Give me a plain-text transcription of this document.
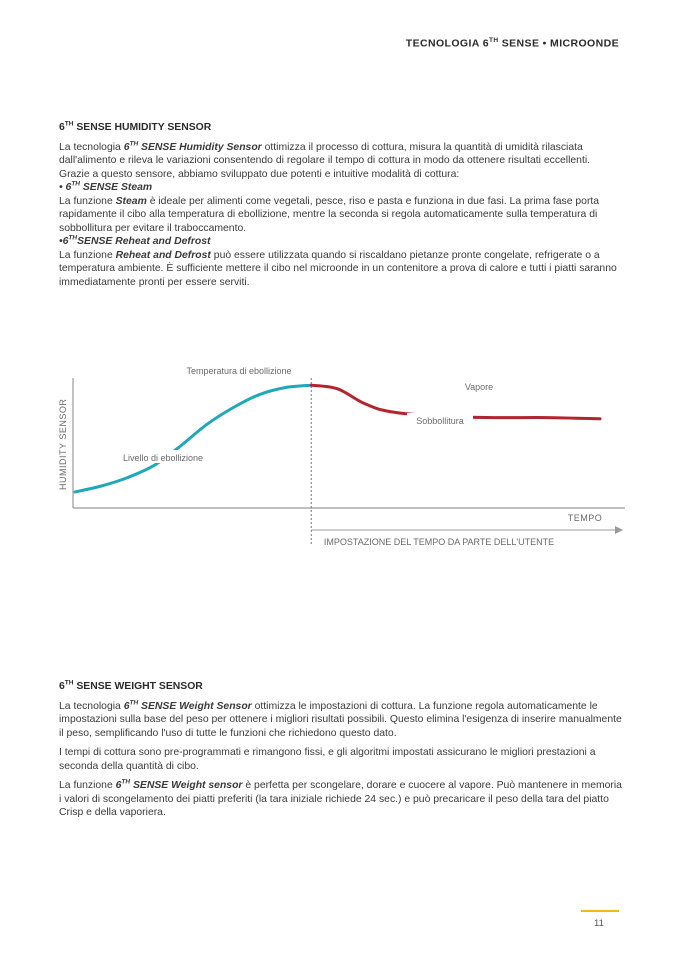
TECNOLOGIA 6TH SENSE • MICROONDE
6TH SENSE HUMIDITY SENSOR

La tecnologia 6TH SENSE Humidity Sensor ottimizza il processo di cottura, misura la quantità di umidità rilasciata dall'alimento e rileva le variazioni consentendo di regolare il tempo di cottura in modo da ottenere risultati eccellenti.

Grazie a questo sensore, abbiamo sviluppato due potenti e intuitive modalità di cottura:

• 6TH SENSE Steam

La funzione Steam è ideale per alimenti come vegetali, pesce, riso e pasta e funziona in due fasi. La prima fase porta rapidamente il cibo alla temperatura di ebollizione, mentre la seconda si regola automaticamente sulla temperatura di sobbollitura per evitare il traboccamento.

•6THSENSE Reheat and Defrost

La funzione Reheat and Defrost può essere utilizzata quando si riscaldano pietanze pronte congelate, refrigerate o a temperatura ambiente. È sufficiente mettere il cibo nel microonde in un contenitore a prova di calore e tutti i piatti saranno immediatamente pronti per essere serviti.

HUMIDITY SENSOR
TEMPO
Temperatura di ebollizione
Vapore
Sobbollitura
Livello di ebollizione
IMPOSTAZIONE DEL TEMPO DA PARTE DELL'UTENTE
6TH SENSE WEIGHT SENSOR

La tecnologia 6TH SENSE Weight Sensor ottimizza le impostazioni di cottura. La funzione regola automaticamente le impostazioni sulla base del peso per ottenere i migliori risultati possibili. Questo elimina l'esigenza di inserire manualmente il peso, semplificando l'uso di tutte le funzioni che richiedono questo dato.

I tempi di cottura sono pre-programmati e rimangono fissi, e gli algoritmi impostati assicurano le migliori prestazioni a seconda della quantità di cibo.

La funzione 6TH SENSE Weight sensor è perfetta per scongelare, dorare e cuocere al vapore. Può mantenere in memoria i valori di scongelamento dei piatti preferiti (la tara iniziale richiede 24 sec.) e può precaricare il peso della tara del piatto Crisp e della vaporiera.

11
